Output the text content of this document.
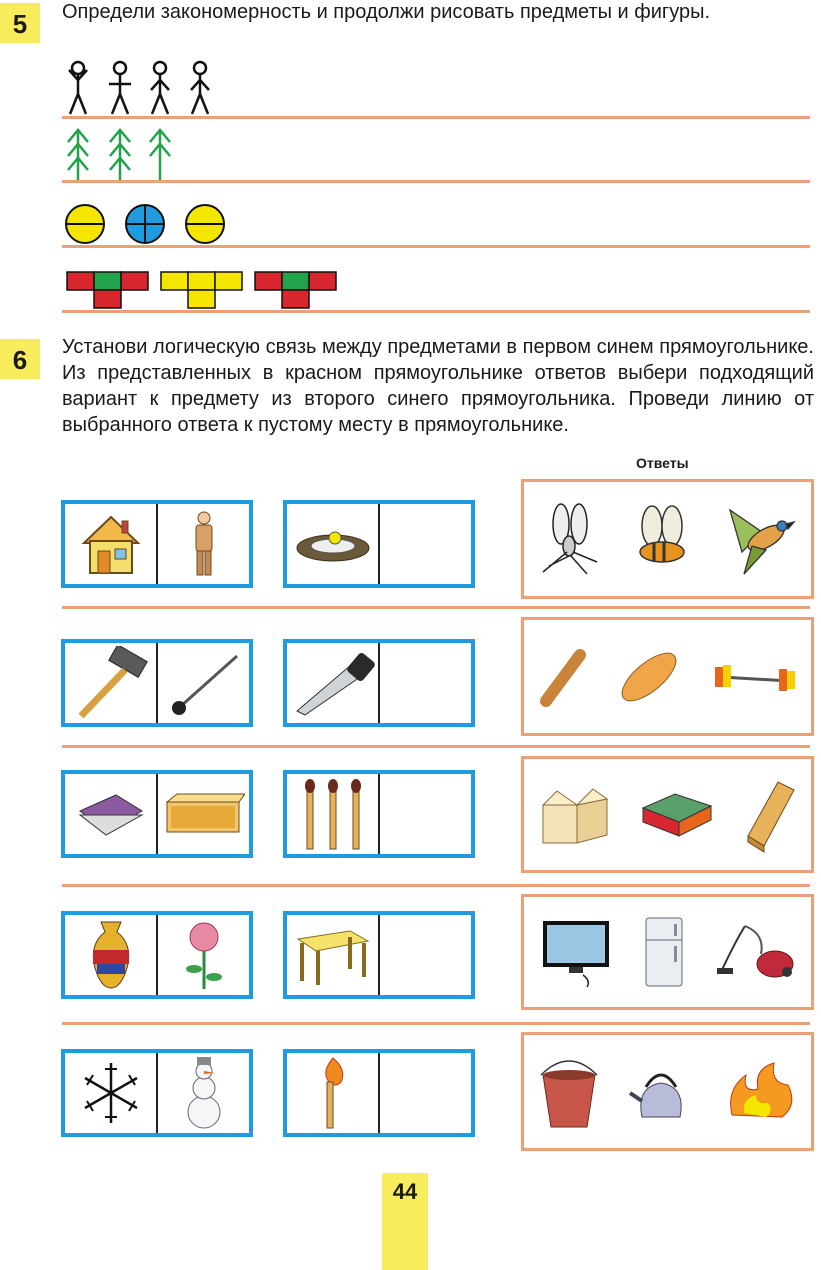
5	Определи закономерность и продолжи рисовать предметы и фигуры.
6	Установи логическую связь между предметами в первом синем прямоугольнике. Из представленных в красном прямоугольнике ответов выбери подходящий вариант к предмету из второго синего прямоугольника. Проведи линию от выбранного ответа к пустому месту в прямоугольнике.
Ответы
44
